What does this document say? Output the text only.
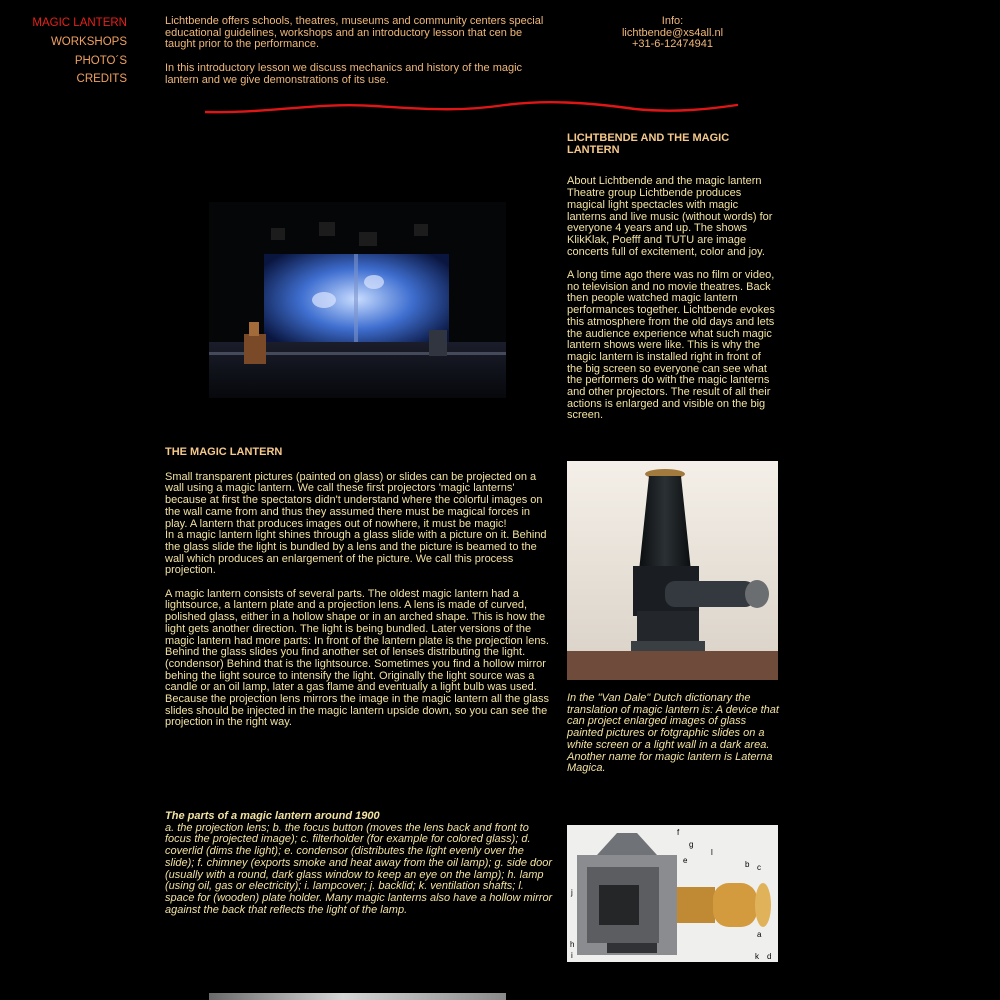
MAGIC LANTERN
WORKSHOPS
PHOTO´S
CREDITS

Lichtbende offers schools, theatres, museums and community centers special educational guidelines, workshops and an introductory lesson that cen be taught prior to the performance.

In this introductory lesson we discuss mechanics and history of the magic lantern and we give demonstrations of its use.

Info:
lichtbende@xs4all.nl
+31-6-12474941
LICHTBENDE AND THE MAGIC LANTERN

About Lichtbende and the magic lantern Theatre group Lichtbende produces magical light spectacles with magic lanterns and live music (without words) for everyone 4 years and up. The shows KlikKlak, Poefff and TUTU are image concerts full of excitement, color and joy.

A long time ago there was no film or video, no television and no movie theatres. Back then people watched magic lantern performances together. Lichtbende evokes this atmosphere from the old days and lets the audience experience what such magic lantern shows were like. This is why the magic lantern is installed right in front of the big screen so everyone can see what the performers do with the magic lanterns and other projectors. The result of all their actions is enlarged and visible on the big screen.

THE MAGIC LANTERN

Small transparent pictures (painted on glass) or slides can be projected on a wall using a magic lantern. We call these first projectors 'magic lanterns' because at first the spectators didn't understand where the colorful images on the wall came from and thus they assumed there must be magical forces in play. A lantern that produces images out of nowhere, it must be magic!

In a magic lantern light shines through a glass slide with a picture on it. Behind the glass slide the light is bundled by a lens and the picture is beamed to the wall which produces an enlargement of the picture. We call this process projection.

A magic lantern consists of several parts. The oldest magic lantern had a lightsource, a lantern plate and a projection lens. A lens is made of curved, polished glass, either in a hollow shape or in an arched shape. This is how the light gets another direction. The light is being bundled. Later versions of the magic lantern had more parts: In front of the lantern plate is the projection lens. Behind the glass slides you find another set of lenses distributing the light. (condensor) Behind that is the lightsource. Sometimes you find a hollow mirror behing the light source to intensify the light. Originally the light source was a candle or an oil lamp, later a gas flame and eventually a light bulb was used. Because the projection lens mirrors the image in the magic lantern all the glass slides should be injected in the magic lantern upside down, so you can see the projection in the right way.

In the "Van Dale" Dutch dictionary the translation of magic lantern is: A device that can project enlarged images of glass painted pictures or fotgraphic slides on a white screen or a light wall in a dark area. Another name for magic lantern is Laterna Magica.
The parts of a magic lantern around 1900

a. the projection lens; b. the focus button (moves the lens back and front to focus the projected image); c. filterholder (for example for colored glass); d. coverlid (dims the light); e. condensor (distributes the light evenly over the slide); f. chimney (exports smoke and heat away from the oil lamp); g. side door (usually with a round, dark glass window to keep an eye on the lamp); h. lamp (using oil, gas or electricity); i. lampcover; j. backlid; k. ventilation shafts; l. space for (wooden) plate holder. Many magic lanterns also have a hollow mirror against the back that reflects the light of the lamp.

f
g
e
l
b c
j
a
h
i	k d
